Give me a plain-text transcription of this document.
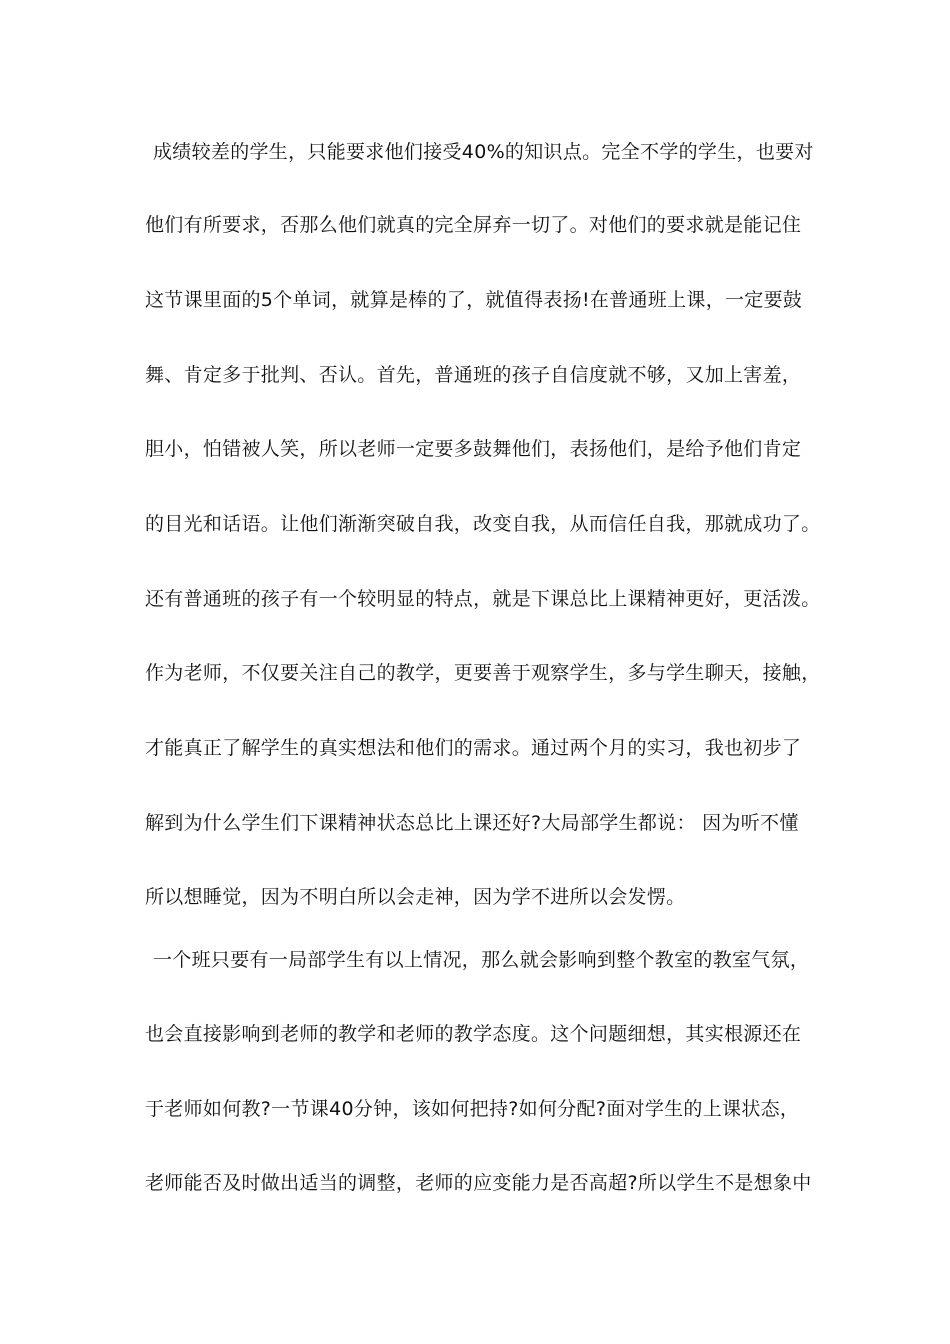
成绩较差的学生，只能要求他们接受40%的知识点。完全不学的学生，也要对
他们有所要求，否那么他们就真的完全屏弃一切了。对他们的要求就是能记住
这节课里面的5个单词，就算是棒的了，就值得表扬!在普通班上课，一定要鼓
舞、肯定多于批判、否认。首先，普通班的孩子自信度就不够，又加上害羞，
胆小，怕错被人笑，所以老师一定要多鼓舞他们，表扬他们，是给予他们肯定
的目光和话语。让他们渐渐突破自我，改变自我，从而信任自我，那就成功了。
还有普通班的孩子有一个较明显的特点，就是下课总比上课精神更好，更活泼。
作为老师，不仅要关注自己的教学，更要善于观察学生，多与学生聊天，接触，
才能真正了解学生的真实想法和他们的需求。通过两个月的实习，我也初步了
解到为什么学生们下课精神状态总比上课还好?大局部学生都说： 因为听不懂
所以想睡觉，因为不明白所以会走神，因为学不进所以会发愣。
一个班只要有一局部学生有以上情况，那么就会影响到整个教室的教室气氛，
也会直接影响到老师的教学和老师的教学态度。这个问题细想，其实根源还在
于老师如何教?一节课40分钟，该如何把持?如何分配?面对学生的上课状态，
老师能否及时做出适当的调整，老师的应变能力是否高超?所以学生不是想象中
